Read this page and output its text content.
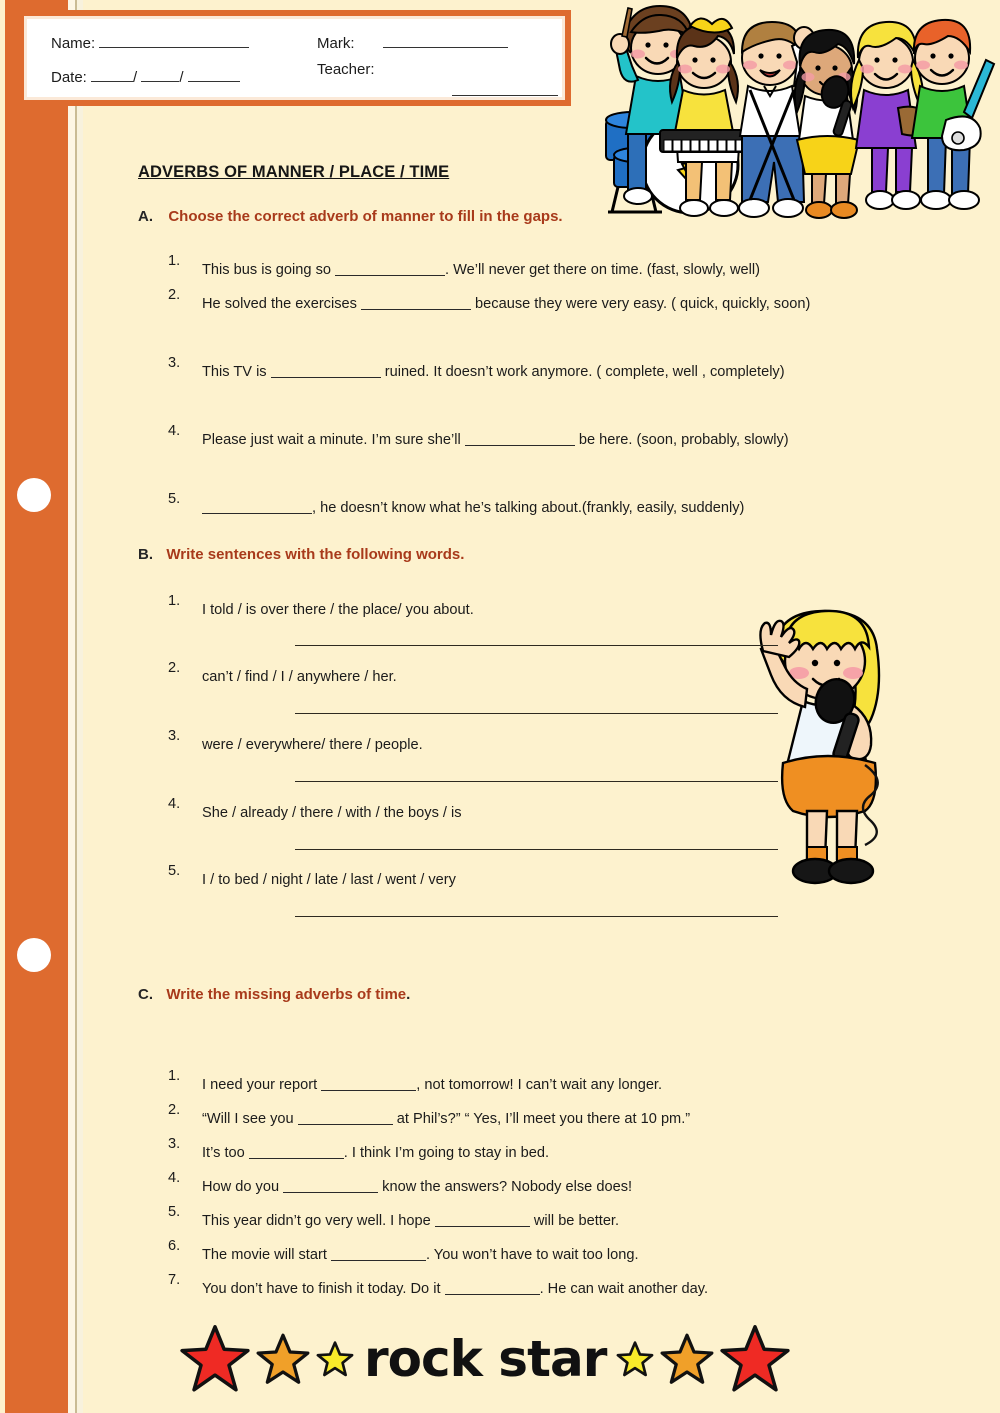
Name:
Date:	/	/
Mark:
Teacher:
ADVERBS OF MANNER / PLACE / TIME
A. Choose the correct adverb of manner to fill in the gaps.
1.
This bus is going so	. We’ll never get there on time. (fast, slowly, well)
2.
He solved the exercises	because they were very easy. ( quick, quickly, soon)
3.
This TV is	ruined. It doesn’t work anymore. ( complete, well , completely)
4.
Please just wait a minute. I’m sure she’ll	be here. (soon, probably, slowly)
5.
, he doesn’t know what he’s talking about.(frankly, easily, suddenly)
B. Write sentences with the following words.
1.
I told / is over there / the place/ you about.
2.
can’t / find / I / anywhere / her.
3.
were / everywhere/ there / people.
4.
She / already / there / with / the boys / is
5.
I / to bed / night / late / last / went / very
C. Write the missing adverbs of time.
1.
I need your report	, not tomorrow! I can’t wait any longer.
2.
“Will I see you	at Phil’s?” “ Yes, I’ll meet you there at 10 pm.”
3.
It’s too	. I think I’m going to stay in bed.
4.
How do you	know the answers? Nobody else does!
5.
This year didn’t go very well. I hope	will be better.
6.
The movie will start	. You won’t have to wait too long.
7.
You don’t have to finish it today. Do it	. He can wait another day.
rock star
